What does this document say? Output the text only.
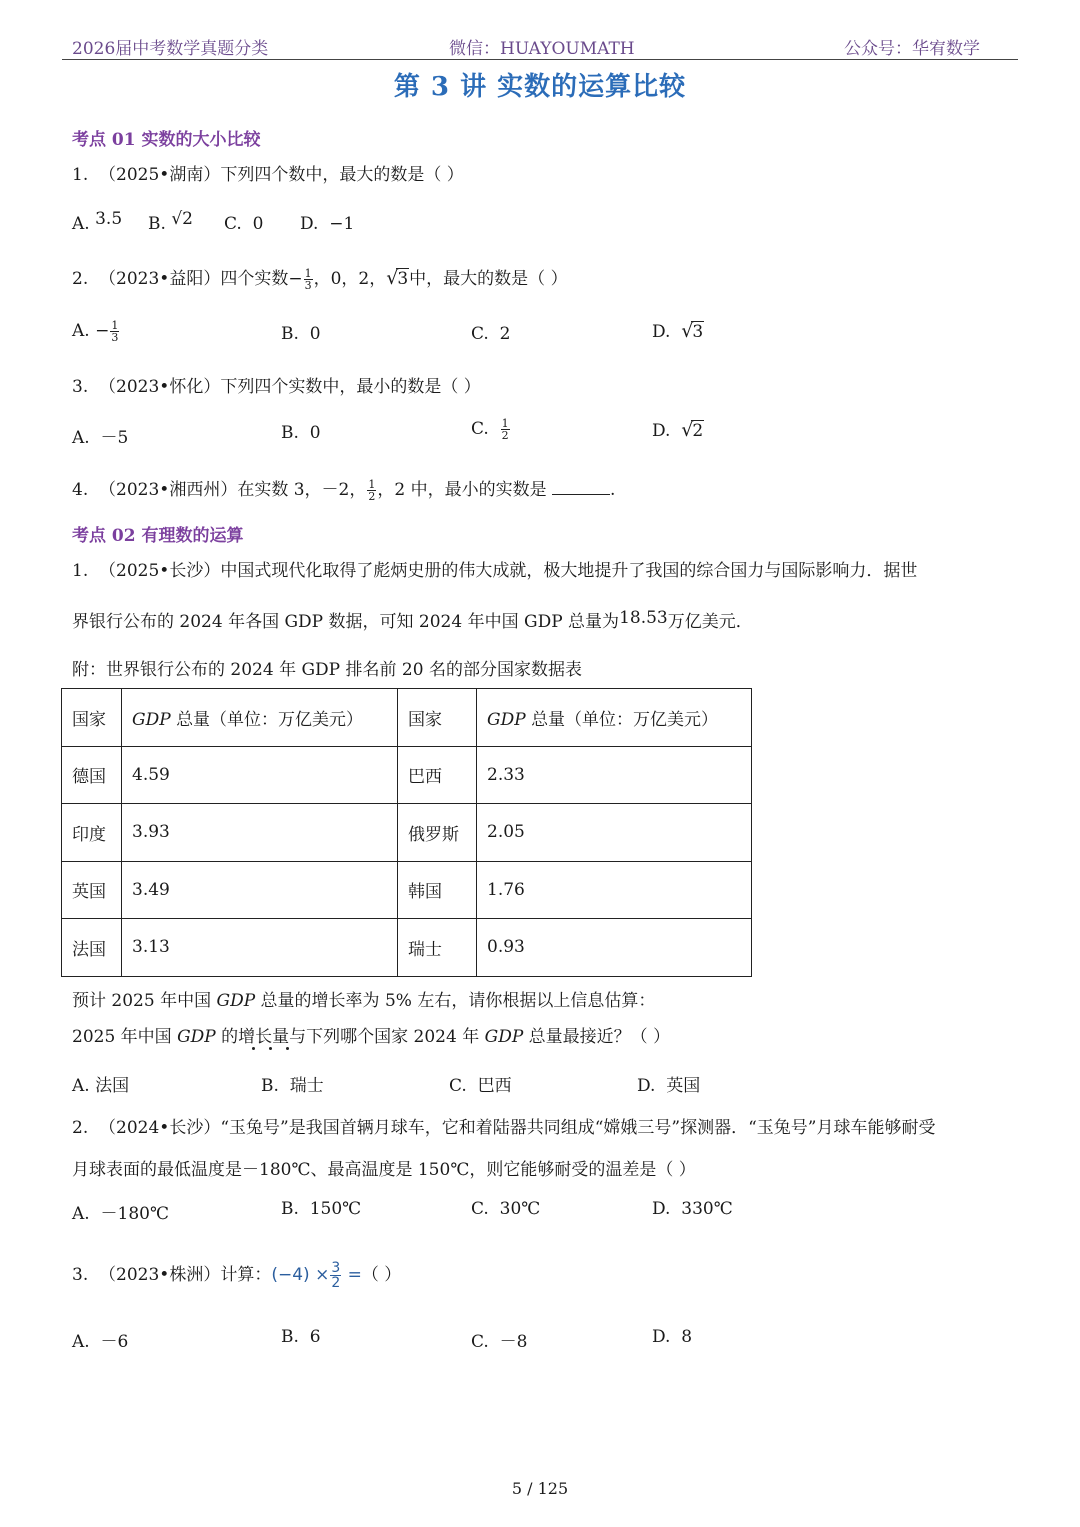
2026届中考数学真题分类	微信：HUAYOUMATH	公众号：华宥数学
第 3 讲 实数的运算比较
考点 01 实数的大小比较
1. （2025•湖南）下列四个数中，最大的数是（ ）
A. 3.5 B. √2 C. 0 D. −1
2. （2023•益阳）四个实数− $\frac{1}{3}$ ，0，2，√3中，最大的数是（ ）
A. − $\frac{1}{3}$	B. 0	C. 2	D. √3
3. （2023•怀化）下列四个实数中，最小的数是（ ）
A. －5	B. 0	C. $\frac{1}{2}$	D. √2
4. （2023•湘西州）在实数 3，－2， $\frac{1}{2}$ ，2 中，最小的实数是	.
考点 02 有理数的运算
1. （2025•长沙）中国式现代化取得了彪炳史册的伟大成就，极大地提升了我国的综合国力与国际影响力．据世
界银行公布的 2024 年各国 GDP 数据，可知 2024 年中国 GDP 总量为18.53万亿美元．
附：世界银行公布的 2024 年 GDP 排名前 20 名的部分国家数据表
国家	GDP 总量（单位：万亿美元）	国家	GDP 总量（单位：万亿美元）
德国	4.59	巴西	2.33
印度	3.93	俄罗斯	2.05
英国	3.49	韩国	1.76
法国	3.13	瑞士	0.93
预计 2025 年中国 GDP 总量的增长率为 5% 左右，请你根据以上信息估算：
2025 年中国 GDP 的增长量与下列哪个国家 2024 年 GDP 总量最接近？（ ）
A. 法国	B. 瑞士	C. 巴西	D. 英国
2. （2024•长沙）“玉兔号”是我国首辆月球车，它和着陆器共同组成“嫦娥三号”探测器．“玉兔号”月球车能够耐受
月球表面的最低温度是－180℃、最高温度是 150℃，则它能够耐受的温差是（ ）
A. －180℃	B. 150℃	C. 30℃	D. 330℃
3. （2023•株洲）计算：$(-4) \times \frac{3}{2}$ =（ ）
A. －6	B. 6	C. －8	D. 8
5 / 125
